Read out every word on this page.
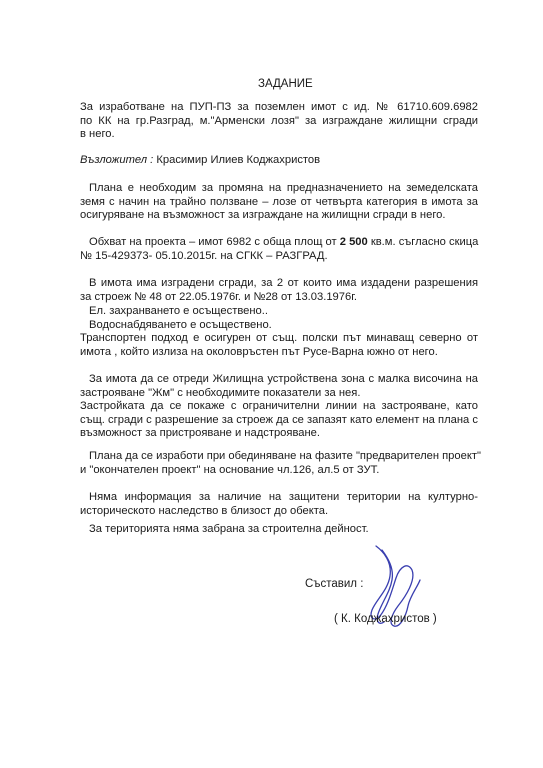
ЗАДАНИЕ
За изработване на ПУП-ПЗ за поземлен имот с ид. № 61710.609.6982
по КК на гр.Разград, м."Арменски лозя" за изграждане жилищни сгради
в него.
Възложител : Красимир Илиев Коджахристов
Плана е необходим за промяна на предназначението на земеделската
земя с начин на трайно ползване – лозе от четвърта категория в имота за
осигуряване на възможност за изграждане на жилищни сгради в него.
Обхват на проекта – имот 6982 с обща площ от 2 500 кв.м. съгласно скица
№ 15-429373- 05.10.2015г. на СГКК – РАЗГРАД.
В имота има изградени сгради, за 2 от които има издадени разрешения
за строеж № 48 от 22.05.1976г. и №28 от 13.03.1976г.
Ел. захранването е осъществено..
Водоснабдяването е осъществено.
Транспортен подход е осигурен от същ. полски път минаващ северно от
имота , който излиза на околовръстен път Русе-Варна южно от него.
За имота да се отреди Жилищна устройствена зона с малка височина на
застрояване "Жм" с необходимите показатели за нея.
Застройката да се покаже с ограничителни линии на застрояване, като
същ. сгради с разрешение за строеж да се запазят като елемент на плана с
възможност за пристрояване и надстрояване.
Плана да се изработи при обединяване на фазите "предварителен проект"
и "окончателен проект" на основание чл.126, ал.5 от ЗУТ.
Няма информация за наличие на защитени територии на културно-
историческото наследство в близост до обекта.
За територията няма забрана за строителна дейност.
Съставил :
( К. Коджахристов )
